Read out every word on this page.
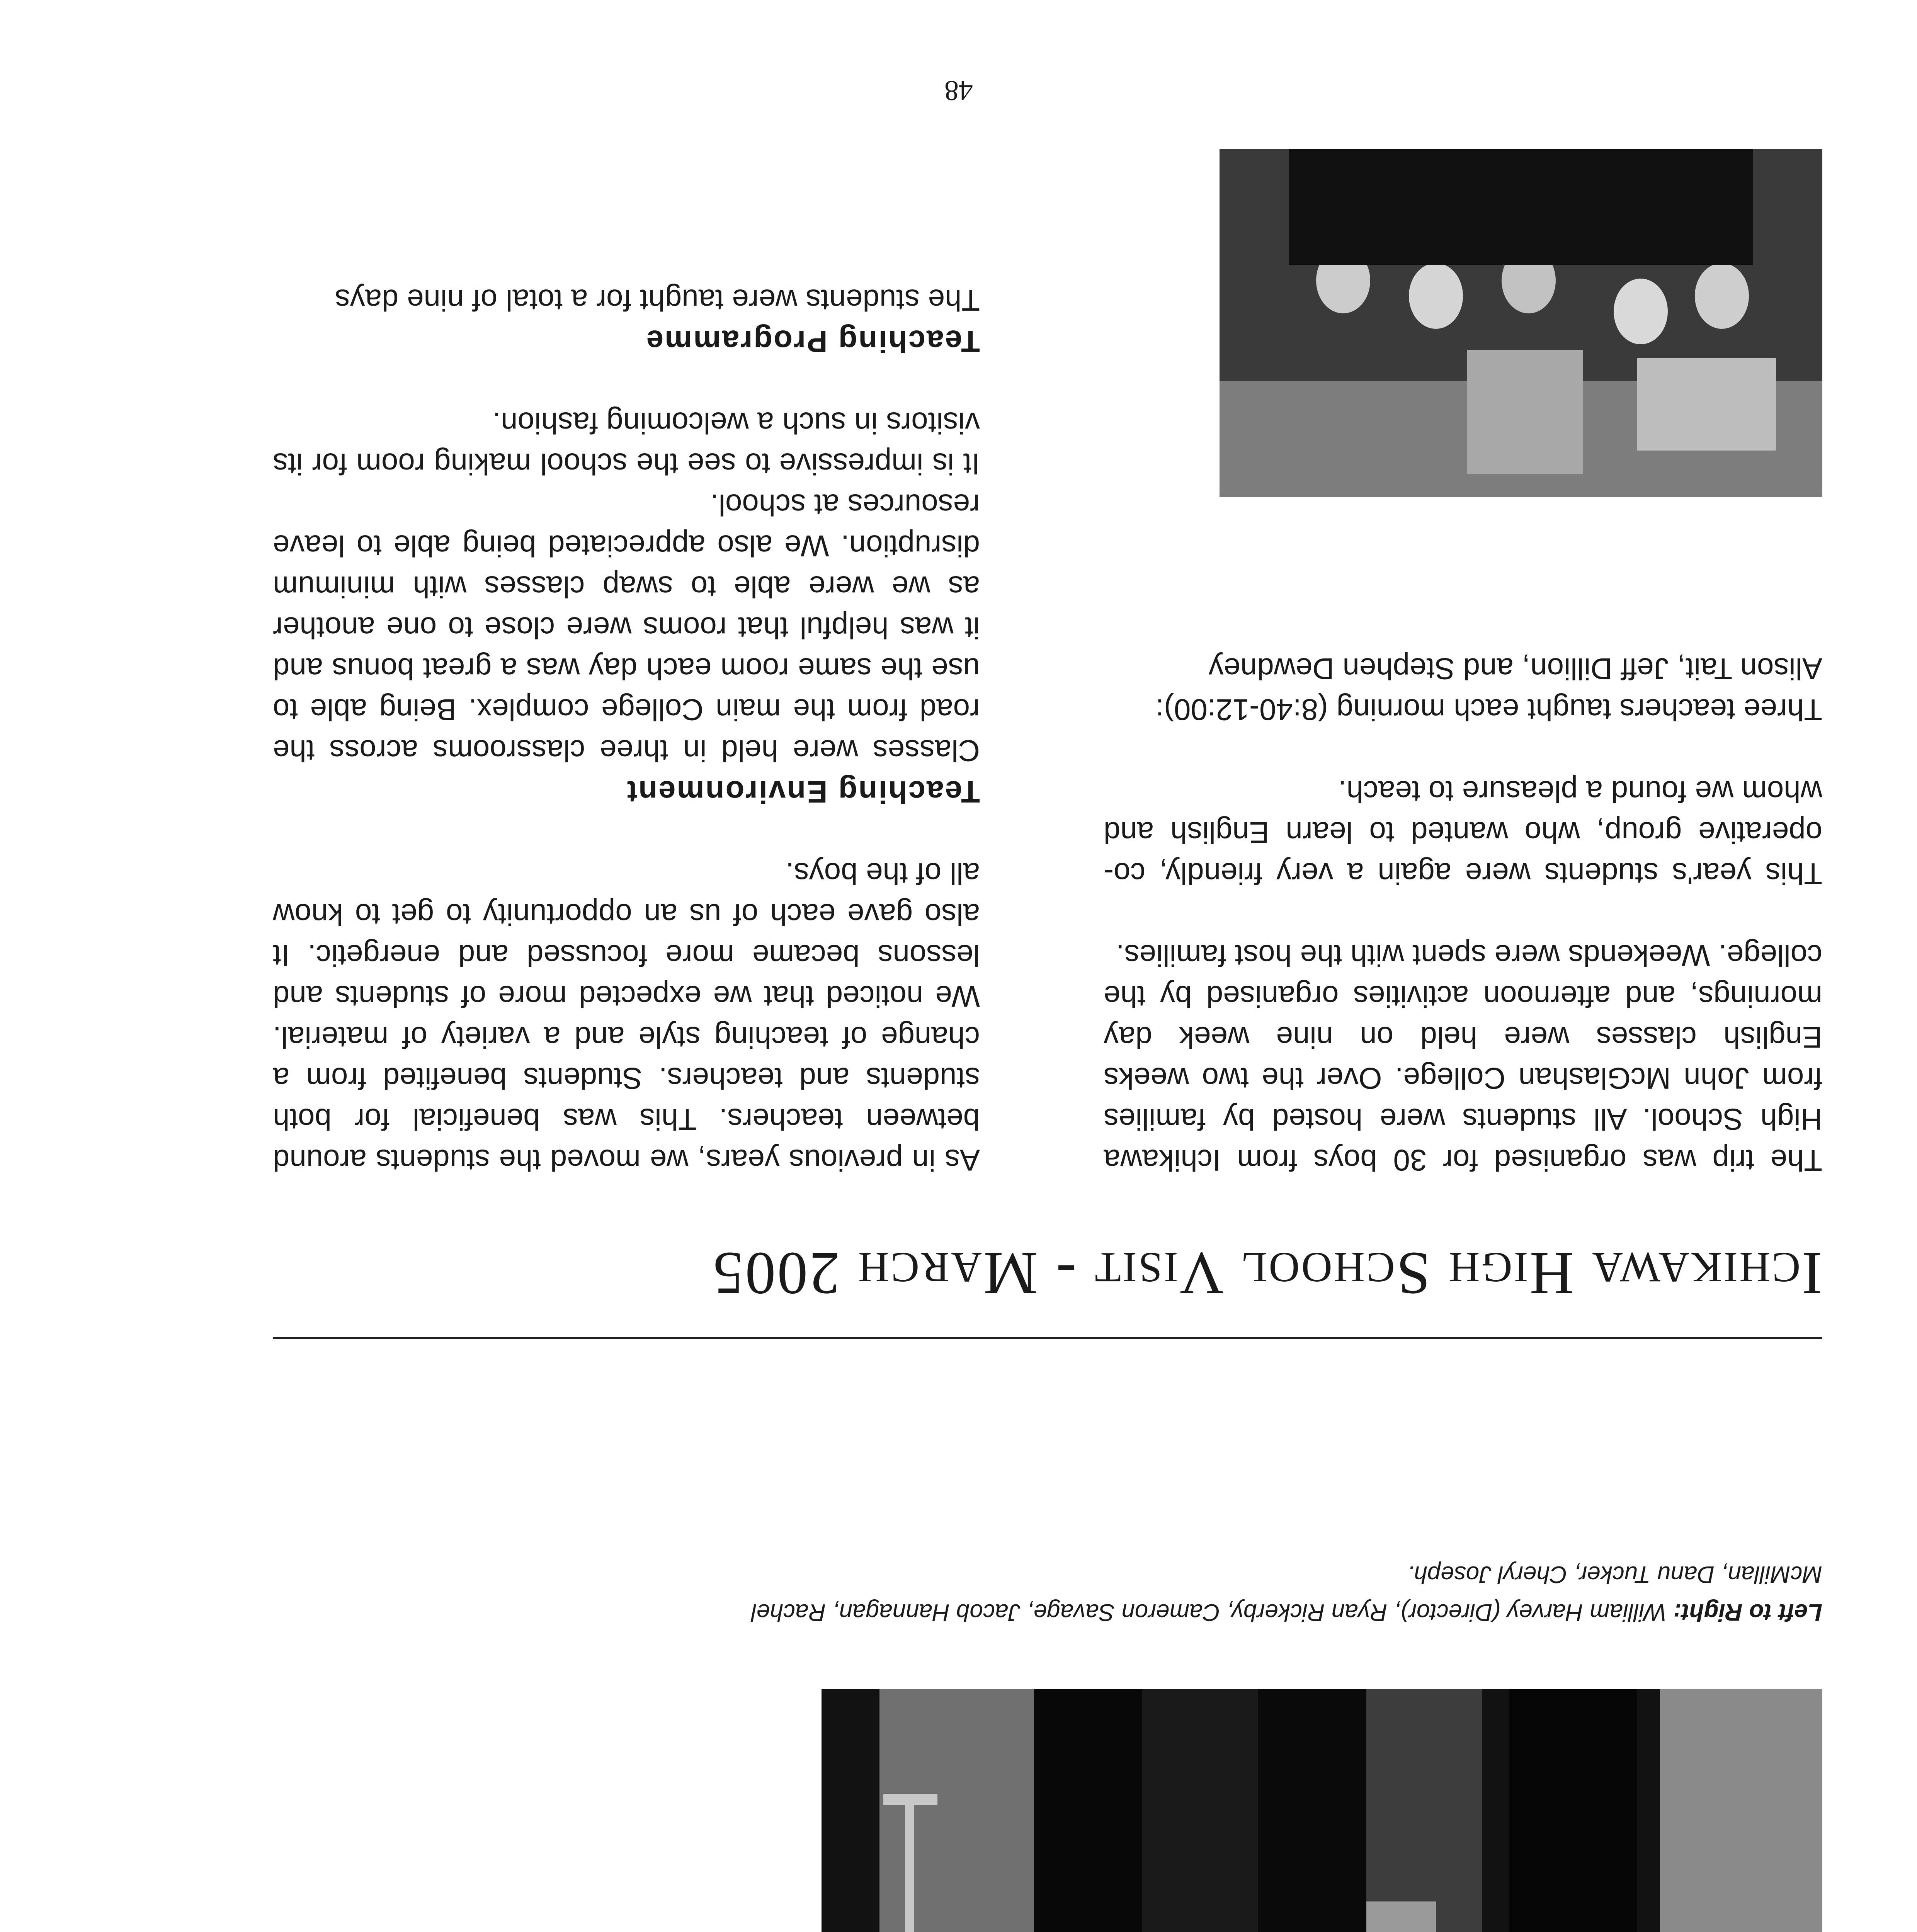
Left to Right: William Harvey (Director), Ryan Rickerby, Cameron Savage, Jacob Hannagan, Rachel McMillan, Danu Tucker, Cheryl Joseph.
Ichikawa High School Visit - March 2005

The trip was organised for 30 boys from Ichikawa High School. All students were hosted by families from John McGlashan College. Over the two weeks English classes were held on nine week day mornings, and afternoon activities organised by the college. Weekends were spent with the host families.

This year's students were again a very friendly, co-operative group, who wanted to learn English and whom we found a pleasure to teach.

Three teachers taught each morning (8:40-12:00):
Alison Tait, Jeff Dillion, and Stephen Dewdney

As in previous years, we moved the students around between teachers. This was beneficial for both students and teachers. Students benefited from a change of teaching style and a variety of material. We noticed that we expected more of students and lessons became more focussed and energetic. It also gave each of us an opportunity to get to know all of the boys.

Teaching Environment

Classes were held in three classrooms across the road from the main College complex. Being able to use the same room each day was a great bonus and it was helpful that rooms were close to one another as we were able to swap classes with minimum disruption. We also appreciated being able to leave resources at school.

It is impressive to see the school making room for its visitors in such a welcoming fashion.

Teaching Programme

The students were taught for a total of nine days

48
